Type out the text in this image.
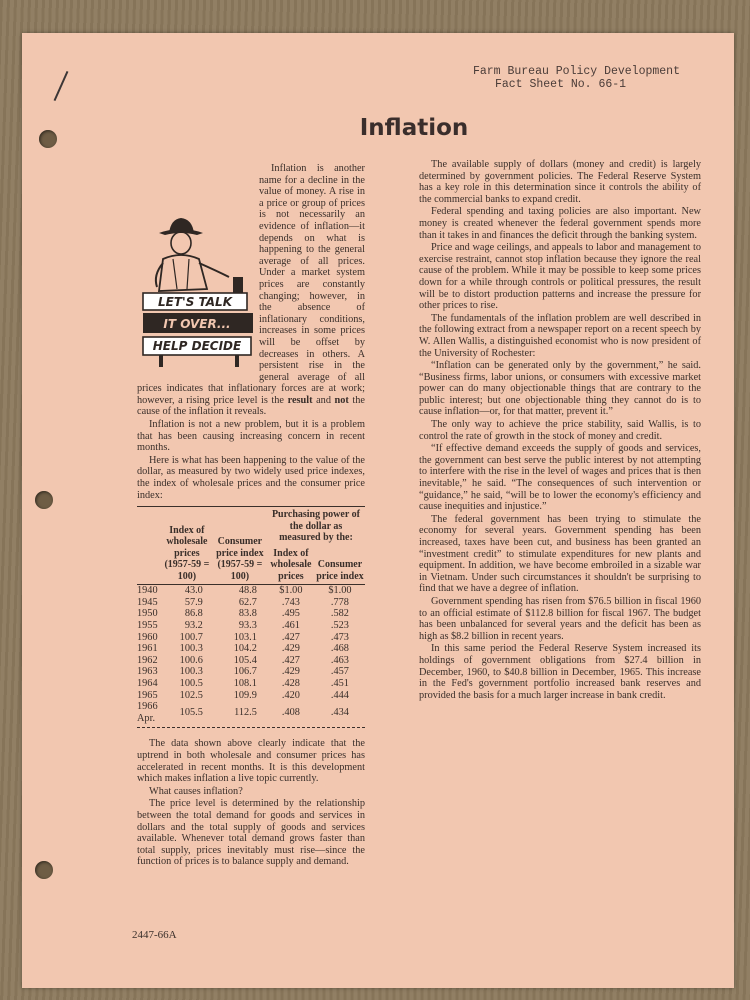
Farm Bureau Policy Development
Fact Sheet No. 66-1
Inflation
LET'S TALK
IT OVER...
HELP DECIDE

Inflation is another name for a decline in the value of money. A rise in a price or group of prices is not necessarily an evidence of inflation—it depends on what is happening to the general average of all prices. Under a market system prices are constantly changing; however, in the absence of inflationary conditions, increases in some prices will be offset by decreases in others. A persistent rise in the general average of all prices indicates that inflationary forces are at work; however, a rising price level is the result and not the cause of the inflation it reveals.

Inflation is not a new problem, but it is a problem that has been causing increasing concern in recent months.

Here is what has been happening to the value of the dollar, as measured by two widely used price indexes, the index of wholesale prices and the consumer price index:

	Index of wholesale prices (1957-59 = 100)	Consumer price index (1957-59 = 100)	Purchasing power of the dollar as measured by the:	
			Index of wholesale prices	Consumer price index
1940	43.0	48.8	$1.00	$1.00
1945	57.9	62.7	.743	.778
1950	86.8	83.8	.495	.582
1955	93.2	93.3	.461	.523
1960	100.7	103.1	.427	.473
1961	100.3	104.2	.429	.468
1962	100.6	105.4	.427	.463
1963	100.3	106.7	.429	.457
1964	100.5	108.1	.428	.451
1965	102.5	109.9	.420	.444
1966 Apr.	105.5	112.5	.408	.434

The data shown above clearly indicate that the uptrend in both wholesale and consumer prices has accelerated in recent months. It is this development which makes inflation a live topic currently.

What causes inflation?

The price level is determined by the relationship between the total demand for goods and services in dollars and the total supply of goods and services available. Whenever total demand grows faster than total supply, prices inevitably must rise—since the function of prices is to balance supply and demand.

The available supply of dollars (money and credit) is largely determined by government policies. The Federal Reserve System has a key role in this determination since it controls the ability of the commercial banks to expand credit.

Federal spending and taxing policies are also important. New money is created whenever the federal government spends more than it takes in and finances the deficit through the banking system.

Price and wage ceilings, and appeals to labor and management to exercise restraint, cannot stop inflation because they ignore the real cause of the problem. While it may be possible to keep some prices down for a while through controls or political pressures, the result will be to distort production patterns and increase the pressure for other prices to rise.

The fundamentals of the inflation problem are well described in the following extract from a newspaper report on a recent speech by W. Allen Wallis, a distinguished economist who is now president of the University of Rochester:

“Inflation can be generated only by the government,” he said. “Business firms, labor unions, or consumers with excessive market power can do many objectionable things that are contrary to the public interest; but one objectionable thing they cannot do is to cause inflation—or, for that matter, prevent it.”

The only way to achieve the price stability, said Wallis, is to control the rate of growth in the stock of money and credit.

“If effective demand exceeds the supply of goods and services, the government can best serve the public interest by not attempting to interfere with the rise in the level of wages and prices that is then inevitable,” he said. “The consequences of such intervention or “guidance,” he said, “will be to lower the economy's efficiency and cause inequities and injustice.”

The federal government has been trying to stimulate the economy for several years. Government spending has been increased, taxes have been cut, and business has been granted an “investment credit” to stimulate expenditures for new plants and equipment. In addition, we have become embroiled in a sizable war in Vietnam. Under such circumstances it shouldn't be surprising to find that we have a degree of inflation.

Government spending has risen from $76.5 billion in fiscal 1960 to an official estimate of $112.8 billion for fiscal 1967. The budget has been unbalanced for several years and the deficit has been as high as $8.2 billion in recent years.

In this same period the Federal Reserve System increased its holdings of government obligations from $27.4 billion in December, 1960, to $40.8 billion in December, 1965. This increase in the Fed's government portfolio increased bank reserves and provided the basis for a much larger increase in bank credit.

2447-66A
